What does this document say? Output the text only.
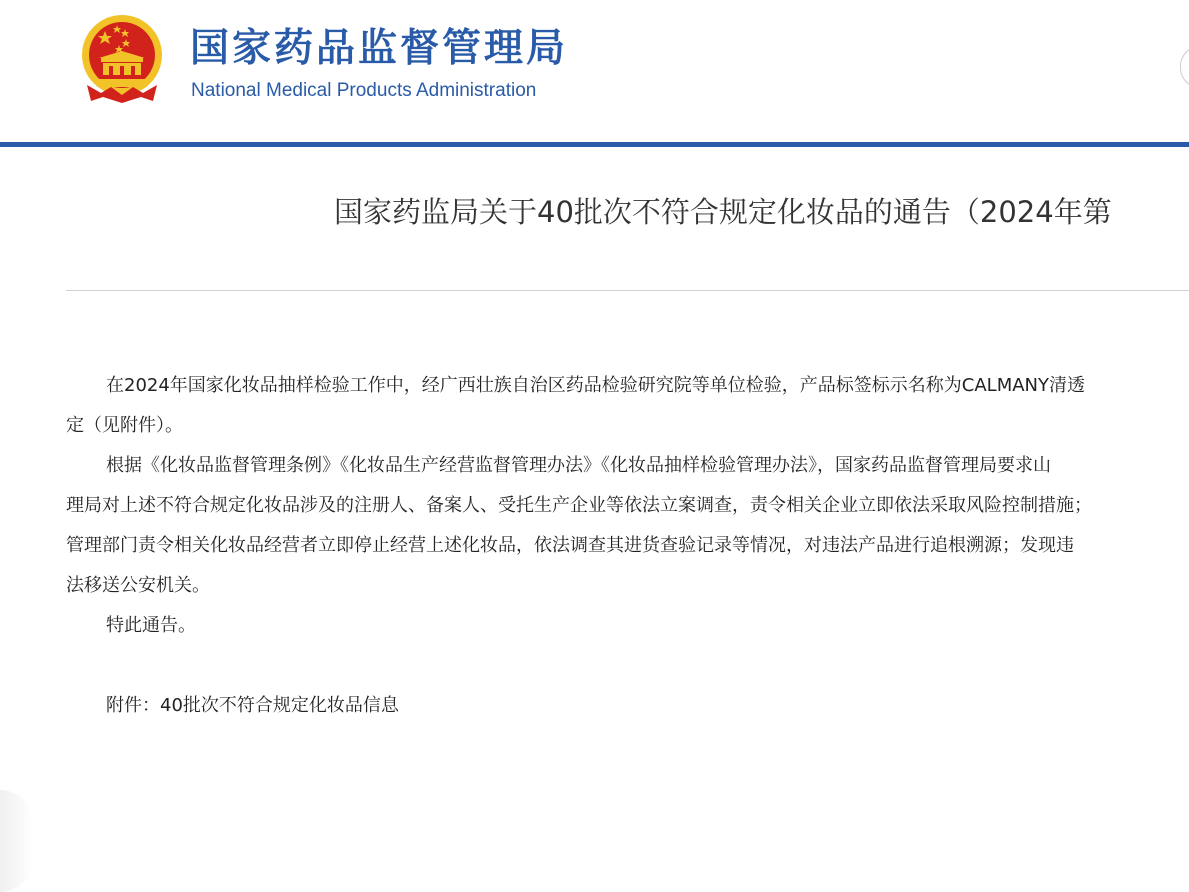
国家药品监督管理局
National Medical Products Administration
国家药监局关于40批次不符合规定化妆品的通告（2024年第
在2024年国家化妆品抽样检验工作中，经广西壮族自治区药品检验研究院等单位检验，产品标签标示名称为CALMANY清透
定（见附件）。
根据《化妆品监督管理条例》《化妆品生产经营监督管理办法》《化妆品抽样检验管理办法》，国家药品监督管理局要求山
理局对上述不符合规定化妆品涉及的注册人、备案人、受托生产企业等依法立案调查，责令相关企业立即依法采取风险控制措施；
管理部门责令相关化妆品经营者立即停止经营上述化妆品，依法调查其进货查验记录等情况，对违法产品进行追根溯源；发现违
法移送公安机关。
特此通告。
附件：40批次不符合规定化妆品信息
